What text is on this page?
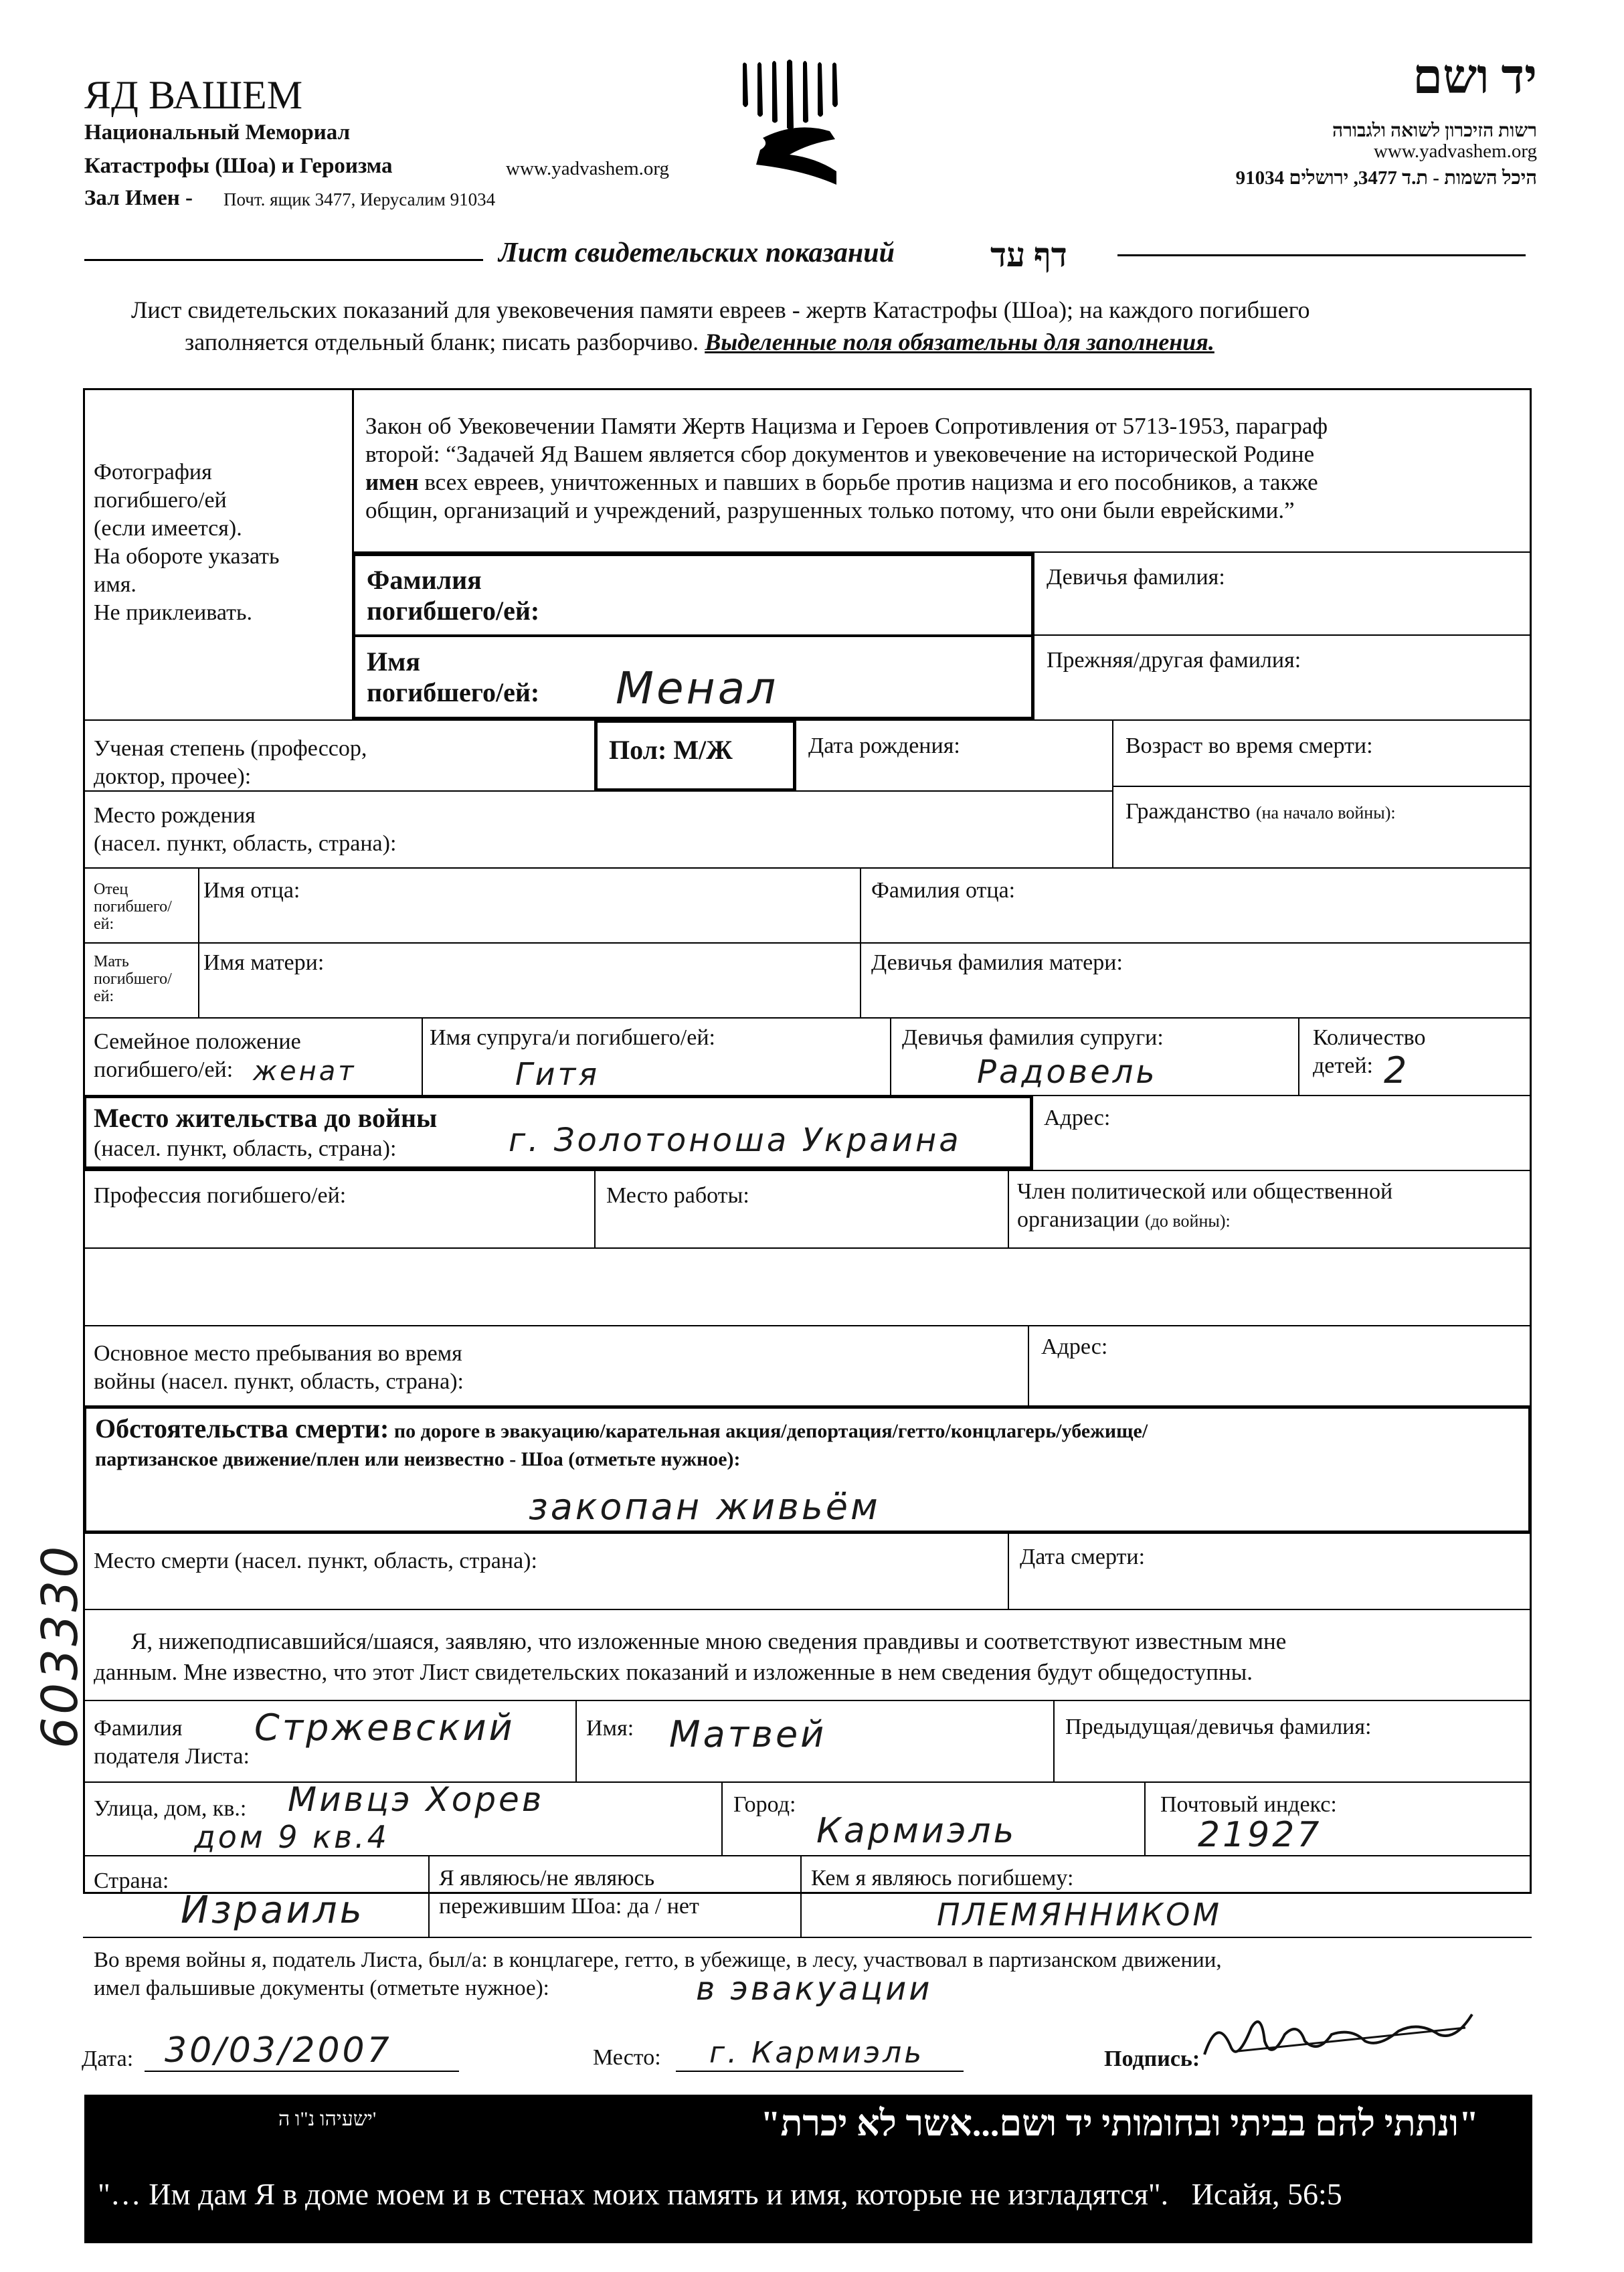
ЯД ВАШЕМ
Национальный Мемориал
Катастрофы (Шоа) и Героизма	www.yadvashem.org
Зал Имен - Почт. ящик 3477, Иерусалим 91034
יד ושם
רשות הזיכרון לשואה ולגבורה
www.yadvashem.org
היכל השמות - ת.ד 3477, ירושלים 91034
Лист свидетельских показаний	דף עד
Лист свидетельских показаний для увековечения памяти евреев - жертв Катастрофы (Шоа); на каждого погибшего
заполняется отдельный бланк; писать разборчиво. Выделенные поля обязательны для заполнения.
Фотография
погибшего/ей
(если имеется).
На обороте указать
имя.
Не приклеивать.
Закон об Увековечении Памяти Жертв Нацизма и Героев Сопротивления от 5713-1953, параграф
второй: “Задачей Яд Вашем является сбор документов и увековечение на исторической Родине
имен всех евреев, уничтоженных и павших в борьбе против нацизма и его пособников, а также
общин, организаций и учреждений, разрушенных только потому, что они были еврейскими.”
Фамилия
погибшего/ей:
Имя
погибшего/ей: Менал
Девичья фамилия:
Прежняя/другая фамилия:
Ученая степень (профессор,
доктор, прочее):
Пол: М/Ж	Дата рождения:	Возраст во время смерти:
Место рождения
(насел. пункт, область, страна):
Гражданство (на начало войны):
Отец
погибшего/
ей:
Имя отца:	Фамилия отца:
Мать
погибшего/
ей:
Имя матери:	Девичья фамилия матери:
Семейное положение
погибшего/ей: женат
Имя супруга/и погибшего/ей:
Гитя
Девичья фамилия супруги:
Радовель
Количество
детей: 2
Место жительства до войны
(насел. пункт, область, страна):	г. Золотоноша Украина
Адрес:
Профессия погибшего/ей:	Место работы:	Член политической или общественной
организации (до войны):
Основное место пребывания во время
войны (насел. пункт, область, страна):
Адрес:
Обстоятельства смерти: по дороге в эвакуацию/карательная акция/депортация/гетто/концлагерь/убежище/
партизанское движение/плен или неизвестно - Шоа (отметьте нужное):
закопан живьём
Место смерти (насел. пункт, область, страна):	Дата смерти:
Я, нижеподписавшийся/шаяся, заявляю, что изложенные мною сведения правдивы и соответствуют известным мне
данным. Мне известно, что этот Лист свидетельских показаний и изложенные в нем сведения будут общедоступны.
Фамилия
подателя Листа:
Стржевский	Имя: Матвей	Предыдущая/девичья фамилия:
Улица, дом, кв.: Мивцэ Хорев
дом 9 кв.4
Город:
Кармиэль
Почтовый индекс:
21927
Страна:
Израиль
Я являюсь/не являюсь
пережившим Шоа: да / нет
Кем я являюсь погибшему:
ПЛЕМЯННИКОМ
Во время войны я, податель Листа, был/а: в концлагере, гетто, в убежище, в лесу, участвовал в партизанском движении,
имел фальшивые документы (отметьте нужное):	в эвакуации
Дата: 30/03/2007	Место: г. Кармиэль	Подпись:
603330
ישעיהו נ"ו ה'	"ונתתי להם בביתי ובחומותי יד ושם...אשר לא יכרת"
"… Им дам Я в доме моем и в стенах моих память и имя, которые не изгладятся". Исайя, 56:5
